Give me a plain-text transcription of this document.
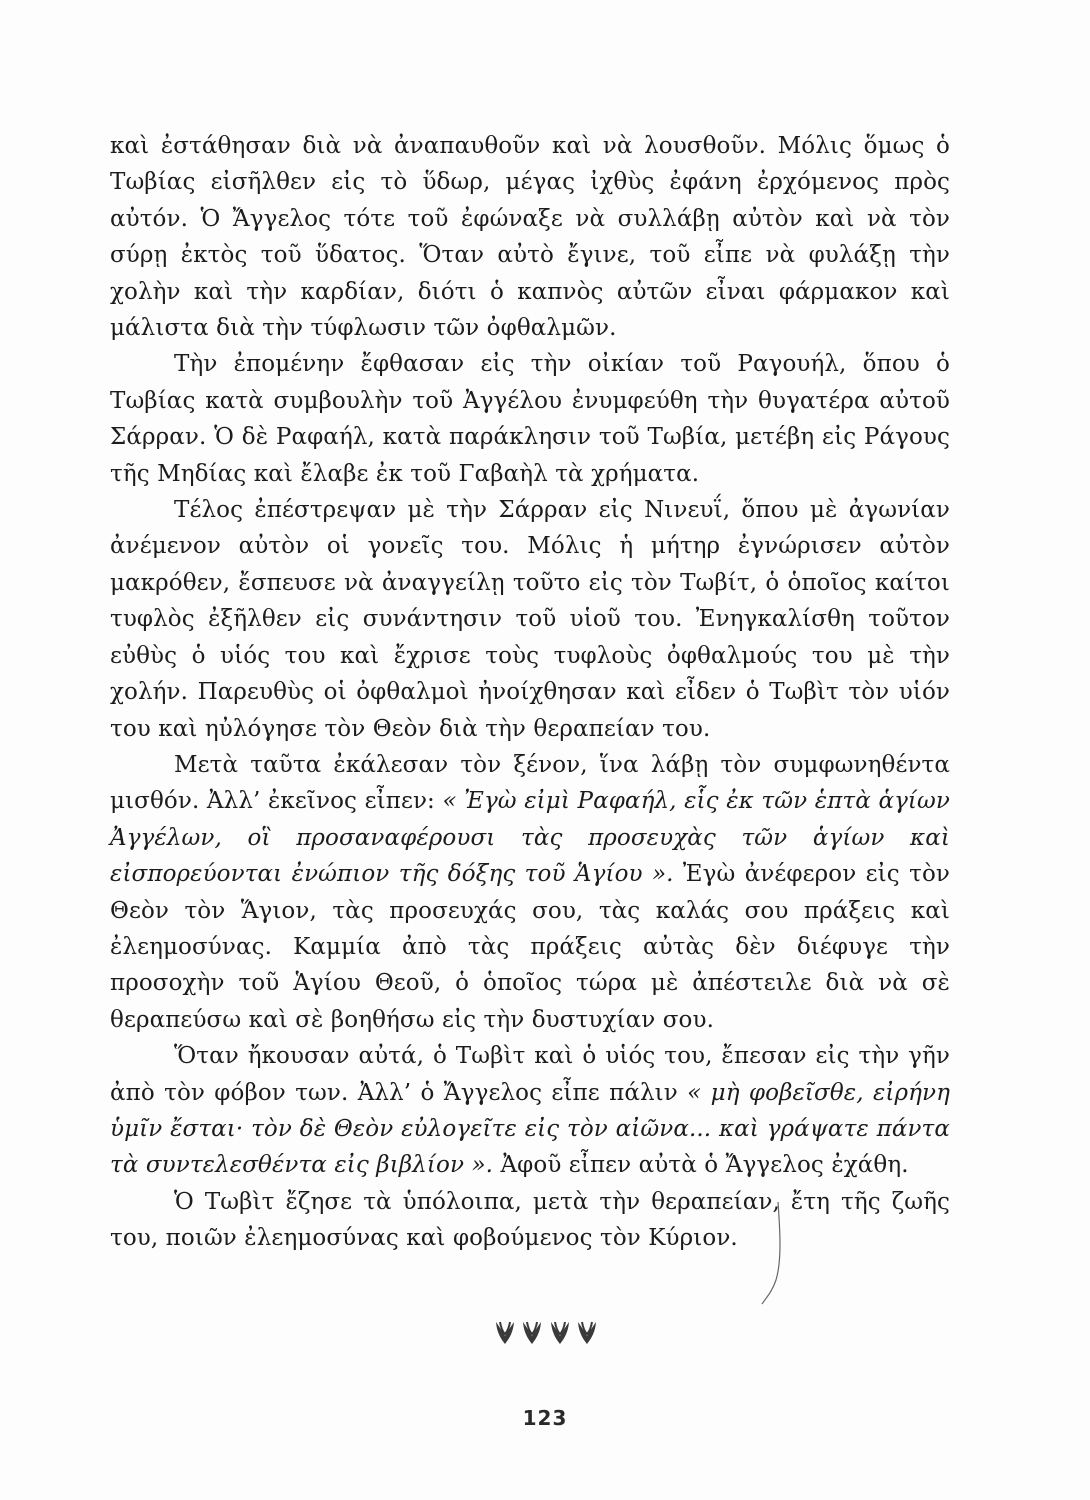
καὶ ἐστάθησαν διὰ νὰ ἀναπαυθοῦν καὶ νὰ λουσθοῦν. Μόλις ὅμως ὁ Τωβίας εἰσῆλθεν εἰς τὸ ὕδωρ, μέγας ἰχθὺς ἐφάνη ἐρχόμενος πρὸς αὐτόν. Ὁ Ἄγγελος τότε τοῦ ἐφώναξε νὰ συλλάβῃ αὐτὸν καὶ νὰ τὸν σύρῃ ἐκτὸς τοῦ ὕδατος. Ὅταν αὐτὸ ἔγινε, τοῦ εἶπε νὰ φυλάξῃ τὴν χολὴν καὶ τὴν καρδίαν, διότι ὁ καπνὸς αὐτῶν εἶναι φάρμακον καὶ μάλιστα διὰ τὴν τύφλωσιν τῶν ὀφθαλμῶν.

Τὴν ἐπομένην ἔφθασαν εἰς τὴν οἰκίαν τοῦ Ραγουήλ, ὅπου ὁ Τωβίας κατὰ συμβουλὴν τοῦ Ἀγγέλου ἐνυμφεύθη τὴν θυγατέρα αὐτοῦ Σάρραν. Ὁ δὲ Ραφαήλ, κατὰ παράκλησιν τοῦ Τωβία, μετέβη εἰς Ράγους τῆς Μηδίας καὶ ἔλαβε ἐκ τοῦ Γαβαὴλ τὰ χρήματα.

Τέλος ἐπέστρεψαν μὲ τὴν Σάρραν εἰς Νινευΐ, ὅπου μὲ ἀγωνίαν ἀνέμενον αὐτὸν οἱ γονεῖς του. Μόλις ἡ μήτηρ ἐγνώρισεν αὐτὸν μακρόθεν, ἔσπευσε νὰ ἀναγγείλῃ τοῦτο εἰς τὸν Τωβίτ, ὁ ὁποῖος καίτοι τυφλὸς ἐξῆλθεν εἰς συνάντησιν τοῦ υἱοῦ του. Ἐνηγκαλίσθη τοῦτον εὐθὺς ὁ υἱός του καὶ ἔχρισε τοὺς τυφλοὺς ὀφθαλμούς του μὲ τὴν χολήν. Παρευθὺς οἱ ὀφθαλμοὶ ἠνοίχθησαν καὶ εἶδεν ὁ Τωβὶτ τὸν υἱόν του καὶ ηὐλόγησε τὸν Θεὸν διὰ τὴν θεραπείαν του.

Μετὰ ταῦτα ἐκάλεσαν τὸν ξένον, ἵνα λάβῃ τὸν συμφωνηθέντα μισθόν. Ἀλλ’ ἐκεῖνος εἶπεν: « Ἐγὼ εἰμὶ Ραφαήλ, εἷς ἐκ τῶν ἑπτὰ ἁγίων Ἀγγέλων, οἳ προσαναφέρουσι τὰς προσευχὰς τῶν ἁγίων καὶ εἰσπορεύονται ἐνώπιον τῆς δόξης τοῦ Ἁγίου ». Ἐγὼ ἀνέφερον εἰς τὸν Θεὸν τὸν Ἅγιον, τὰς προσευχάς σου, τὰς καλάς σου πράξεις καὶ ἐλεημοσύνας. Καμμία ἀπὸ τὰς πράξεις αὐτὰς δὲν διέφυγε τὴν προσοχὴν τοῦ Ἁγίου Θεοῦ, ὁ ὁποῖος τώρα μὲ ἀπέστειλε διὰ νὰ σὲ θεραπεύσω καὶ σὲ βοηθήσω εἰς τὴν δυστυχίαν σου.

Ὅταν ἤκουσαν αὐτά, ὁ Τωβὶτ καὶ ὁ υἱός του, ἔπεσαν εἰς τὴν γῆν ἀπὸ τὸν φόβον των. Ἀλλ’ ὁ Ἄγγελος εἶπε πάλιν « μὴ φοβεῖσθε, εἰρήνη ὑμῖν ἔσται· τὸν δὲ Θεὸν εὐλογεῖτε εἰς τὸν αἰῶνα... καὶ γράψατε πάντα τὰ συντελεσθέντα εἰς βιβλίον ». Ἀφοῦ εἶπεν αὐτὰ ὁ Ἄγγελος ἐχάθη.

Ὁ Τωβὶτ ἔζησε τὰ ὑπόλοιπα, μετὰ τὴν θεραπείαν, ἔτη τῆς ζωῆς του, ποιῶν ἐλεημοσύνας καὶ φοβούμενος τὸν Κύριον.

123
